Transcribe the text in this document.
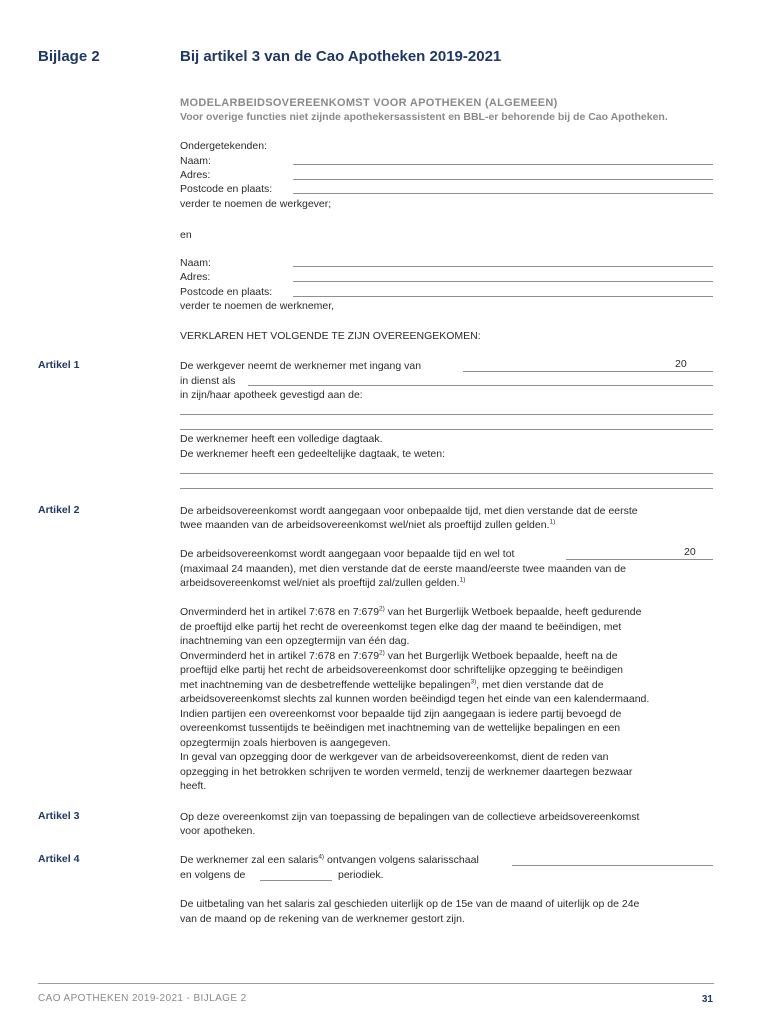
Bijlage 2	Bij artikel 3 van de Cao Apotheken 2019-2021
MODELARBEIDSOVEREENKOMST VOOR APOTHEKEN (ALGEMEEN)
Voor overige functies niet zijnde apothekersassistent en BBL-er behorende bij de Cao Apotheken.
Ondergetekenden:
Naam:
Adres:
Postcode en plaats:
verder te noemen de werkgever;
en
Naam:
Adres:
Postcode en plaats:
verder te noemen de werknemer,
VERKLAREN HET VOLGENDE TE ZIJN OVEREENGEKOMEN:
Artikel 1	De werkgever neemt de werknemer met ingang van	20
in dienst als
in zijn/haar apotheek gevestigd aan de:
De werknemer heeft een volledige dagtaak.
De werknemer heeft een gedeeltelijke dagtaak, te weten:
Artikel 2	De arbeidsovereenkomst wordt aangegaan voor onbepaalde tijd, met dien verstande dat de eerste
twee maanden van de arbeidsovereenkomst wel/niet als proeftijd zullen gelden.$^{1)}$
De arbeidsovereenkomst wordt aangegaan voor bepaalde tijd en wel tot	20
(maximaal 24 maanden), met dien verstande dat de eerste maand/eerste twee maanden van de
arbeidsovereenkomst wel/niet als proeftijd zal/zullen gelden.$^{1)}$
Onverminderd het in artikel 7:678 en 7:679$^{2)}$ van het Burgerlijk Wetboek bepaalde, heeft gedurende
de proeftijd elke partij het recht de overeenkomst tegen elke dag der maand te beëindigen, met
inachtneming van een opzegtermijn van één dag.
Onverminderd het in artikel 7:678 en 7:679$^{2)}$ van het Burgerlijk Wetboek bepaalde, heeft na de
proeftijd elke partij het recht de arbeidsovereenkomst door schriftelijke opzegging te beëindigen
met inachtneming van de desbetreffende wettelijke bepalingen$^{3)}$, met dien verstande dat de
arbeidsovereenkomst slechts zal kunnen worden beëindigd tegen het einde van een kalendermaand.
Indien partijen een overeenkomst voor bepaalde tijd zijn aangegaan is iedere partij bevoegd de
overeenkomst tussentijds te beëindigen met inachtneming van de wettelijke bepalingen en een
opzegtermijn zoals hierboven is aangegeven.
In geval van opzegging door de werkgever van de arbeidsovereenkomst, dient de reden van
opzegging in het betrokken schrijven te worden vermeld, tenzij de werknemer daartegen bezwaar
heeft.
Artikel 3	Op deze overeenkomst zijn van toepassing de bepalingen van de collectieve arbeidsovereenkomst
voor apotheken.
Artikel 4	De werknemer zal een salaris$^{4)}$ ontvangen volgens salarisschaal
en volgens de	periodiek.
De uitbetaling van het salaris zal geschieden uiterlijk op de 15e van de maand of uiterlijk op de 24e
van de maand op de rekening van de werknemer gestort zijn.
CAO APOTHEKEN 2019-2021 - BIJLAGE 2	31
